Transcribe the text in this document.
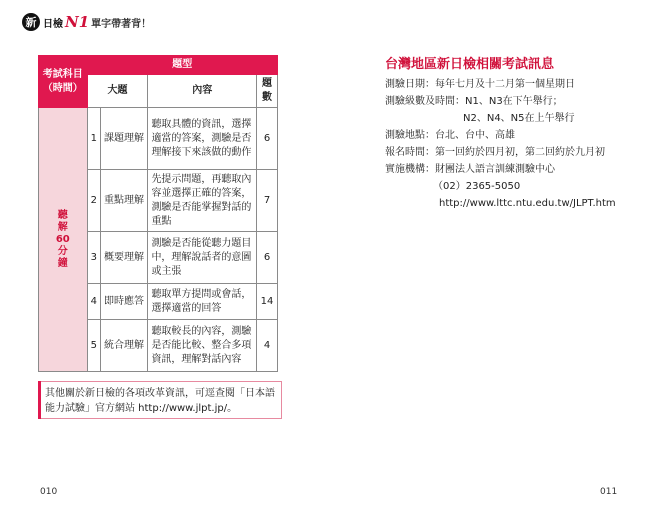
新 日檢 N1 單字帶著背！
考試科目
（時間）	題型			
	大題		內容	題數

聽
解
60
分
鐘	1	課題理解	聽取具體的資訊，選擇適當的答案，測驗是否理解接下來該做的動作	6
	2	重點理解	先提示問題，再聽取內容並選擇正確的答案，測驗是否能掌握對話的重點	7
	3	概要理解	測驗是否能從聽力題目中，理解說話者的意圖或主張	6
	4	即時應答	聽取單方提問或會話，選擇適當的回答	14
	5	統合理解	聽取較長的內容，測驗是否能比較、整合多項資訊，理解對話內容	4
其他關於新日檢的各項改革資訊，可逕查閱「日本語能力試驗」官方網站 http://www.jlpt.jp/。
台灣地區新日檢相關考試訊息
測驗日期：每年七月及十二月第一個星期日
測驗級數及時間：N1、N3在下午舉行；
N2、N4、N5在上午舉行
測驗地點：台北、台中、高雄
報名時間：第一回約於四月初，第二回約於九月初
實施機構：財團法人語言訓練測驗中心
（02）2365-5050
http://www.lttc.ntu.edu.tw/JLPT.htm
010	011
